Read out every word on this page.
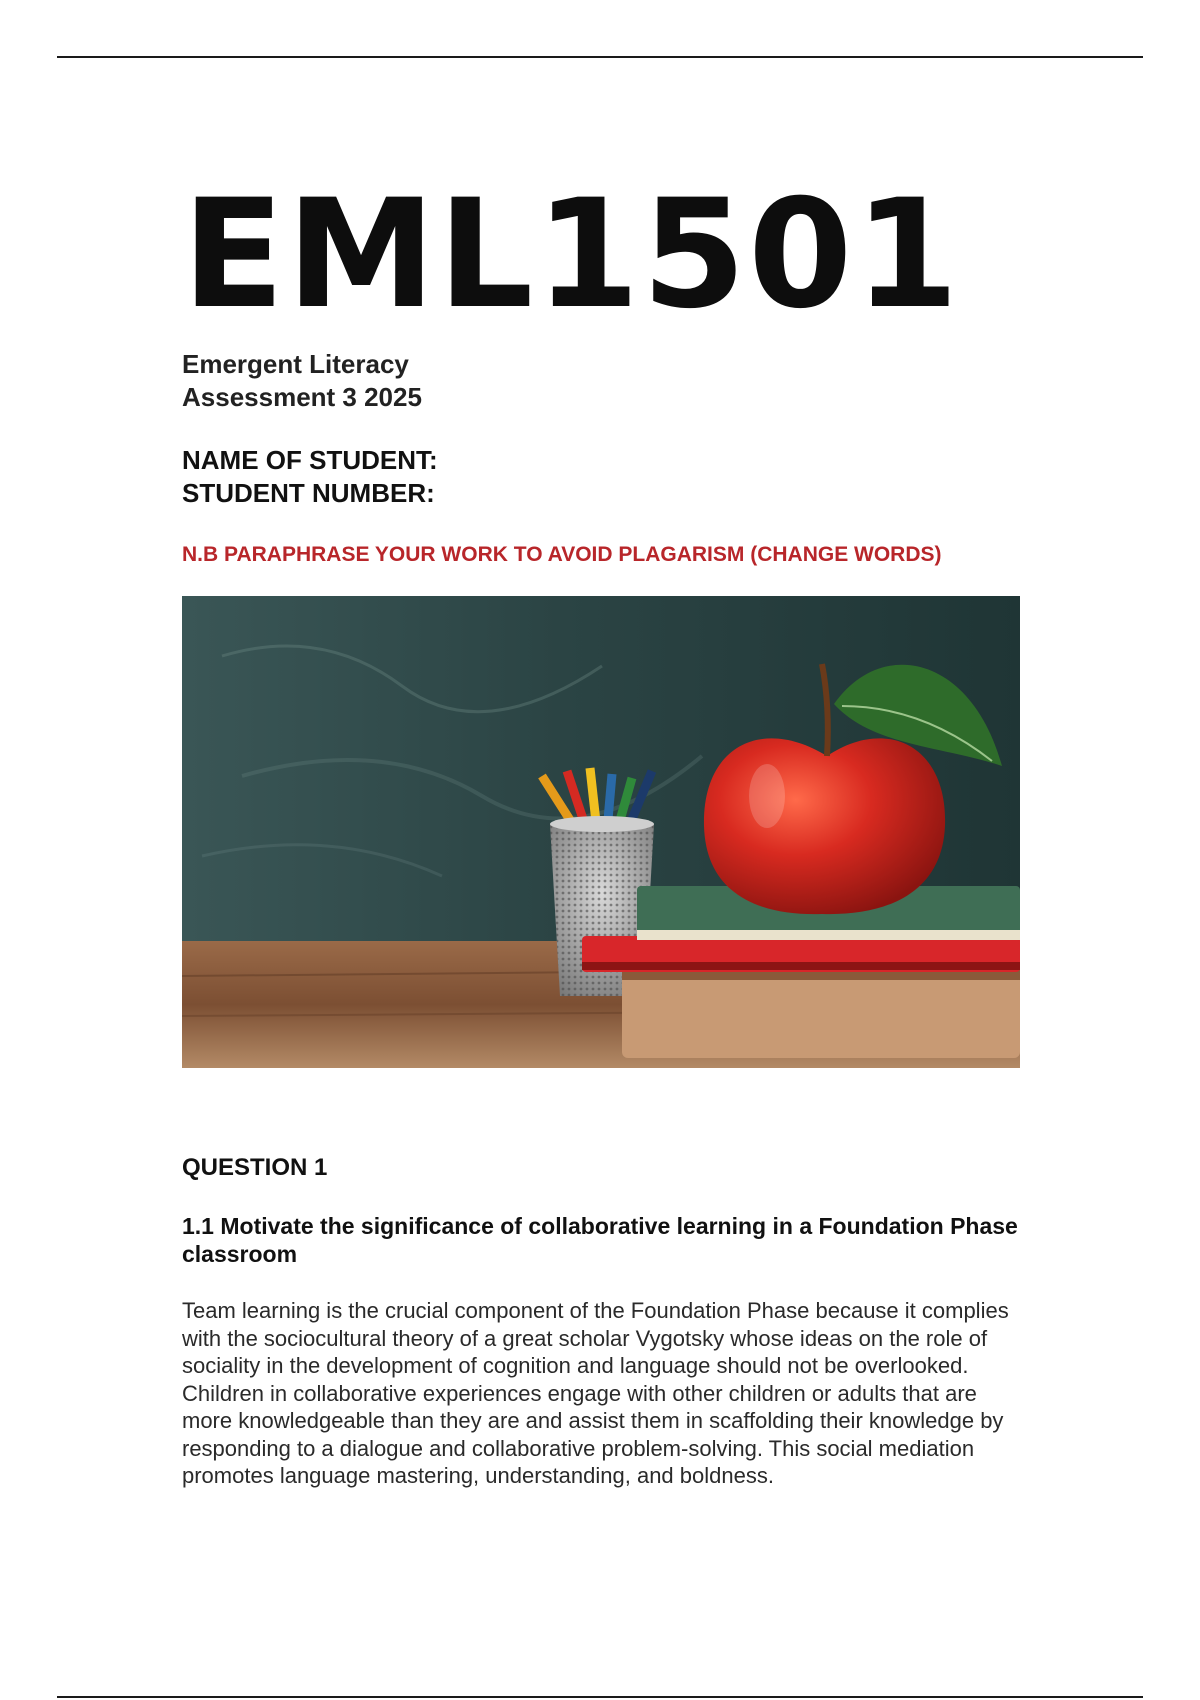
EML1501
Emergent Literacy
Assessment 3 2025
NAME OF STUDENT:
STUDENT NUMBER:
N.B PARAPHRASE YOUR WORK TO AVOID PLAGARISM (CHANGE WORDS)
QUESTION 1
1.1 Motivate the significance of collaborative learning in a Foundation Phase classroom
Team learning is the crucial component of the Foundation Phase because it complies with the sociocultural theory of a great scholar Vygotsky whose ideas on the role of sociality in the development of cognition and language should not be overlooked. Children in collaborative experiences engage with other children or adults that are more knowledgeable than they are and assist them in scaffolding their knowledge by responding to a dialogue and collaborative problem-solving. This social mediation promotes language mastering, understanding, and boldness.
